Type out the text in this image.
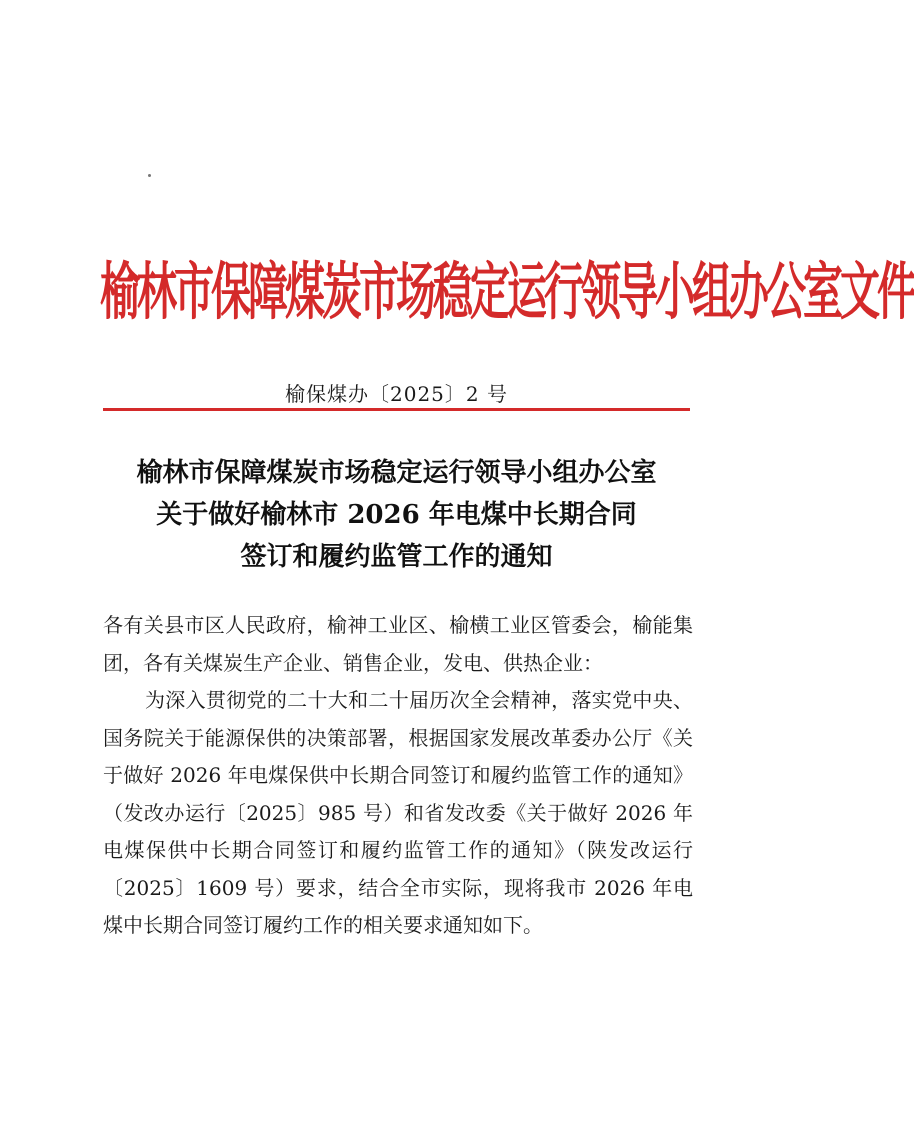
榆林市保障煤炭市场稳定运行领导小组办公室文件
榆保煤办〔2025〕2 号
榆林市保障煤炭市场稳定运行领导小组办公室
关于做好榆林市 2026 年电煤中长期合同
签订和履约监管工作的通知

各有关县市区人民政府，榆神工业区、榆横工业区管委会，榆能集团，各有关煤炭生产企业、销售企业，发电、供热企业：

为深入贯彻党的二十大和二十届历次全会精神，落实党中央、国务院关于能源保供的决策部署，根据国家发展改革委办公厅《关于做好 2026 年电煤保供中长期合同签订和履约监管工作的通知》（发改办运行〔2025〕985 号）和省发改委《关于做好 2026 年电煤保供中长期合同签订和履约监管工作的通知》（陕发改运行〔2025〕1609 号）要求，结合全市实际，现将我市 2026 年电煤中长期合同签订履约工作的相关要求通知如下。
